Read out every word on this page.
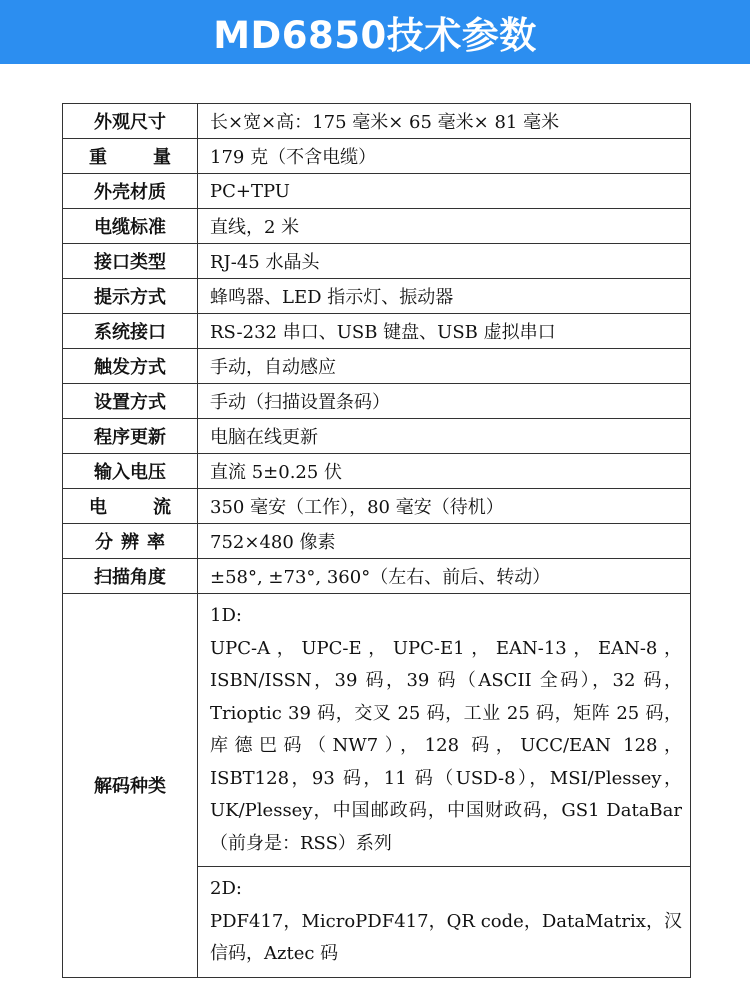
MD6850技术参数
外观尺寸	长×宽×高：175 毫米× 65 毫米× 81 毫米
重　量	179 克（不含电缆）
外壳材质	PC+TPU
电缆标准	直线，2 米
接口类型	RJ-45 水晶头
提示方式	蜂鸣器、LED 指示灯、振动器
系统接口	RS-232 串口、USB 键盘、USB 虚拟串口
触发方式	手动，自动感应
设置方式	手动（扫描设置条码）
程序更新	电脑在线更新
输入电压	直流 5±0.25 伏
电　流	350 毫安（工作），80 毫安（待机）
分辨率	752×480 像素
扫描角度	±58°, ±73°, 360°（左右、前后、转动）
解码种类	1D:

UPC-A，UPC-E，UPC-E1，EAN-13，EAN-8，ISBN/ISSN，39 码，39 码（ASCII 全码），32 码，Trioptic 39 码，交叉 25 码，工业 25 码，矩阵 25 码，库德巴码（NW7），128 码，UCC/EAN 128，ISBT128，93 码，11 码（USD-8），MSI/Plessey，UK/Plessey，中国邮政码，中国财政码，GS1 DataBar（前身是：RSS）系列

	2D:

PDF417，MicroPDF417，QR code，DataMatrix，汉信码，Aztec 码
